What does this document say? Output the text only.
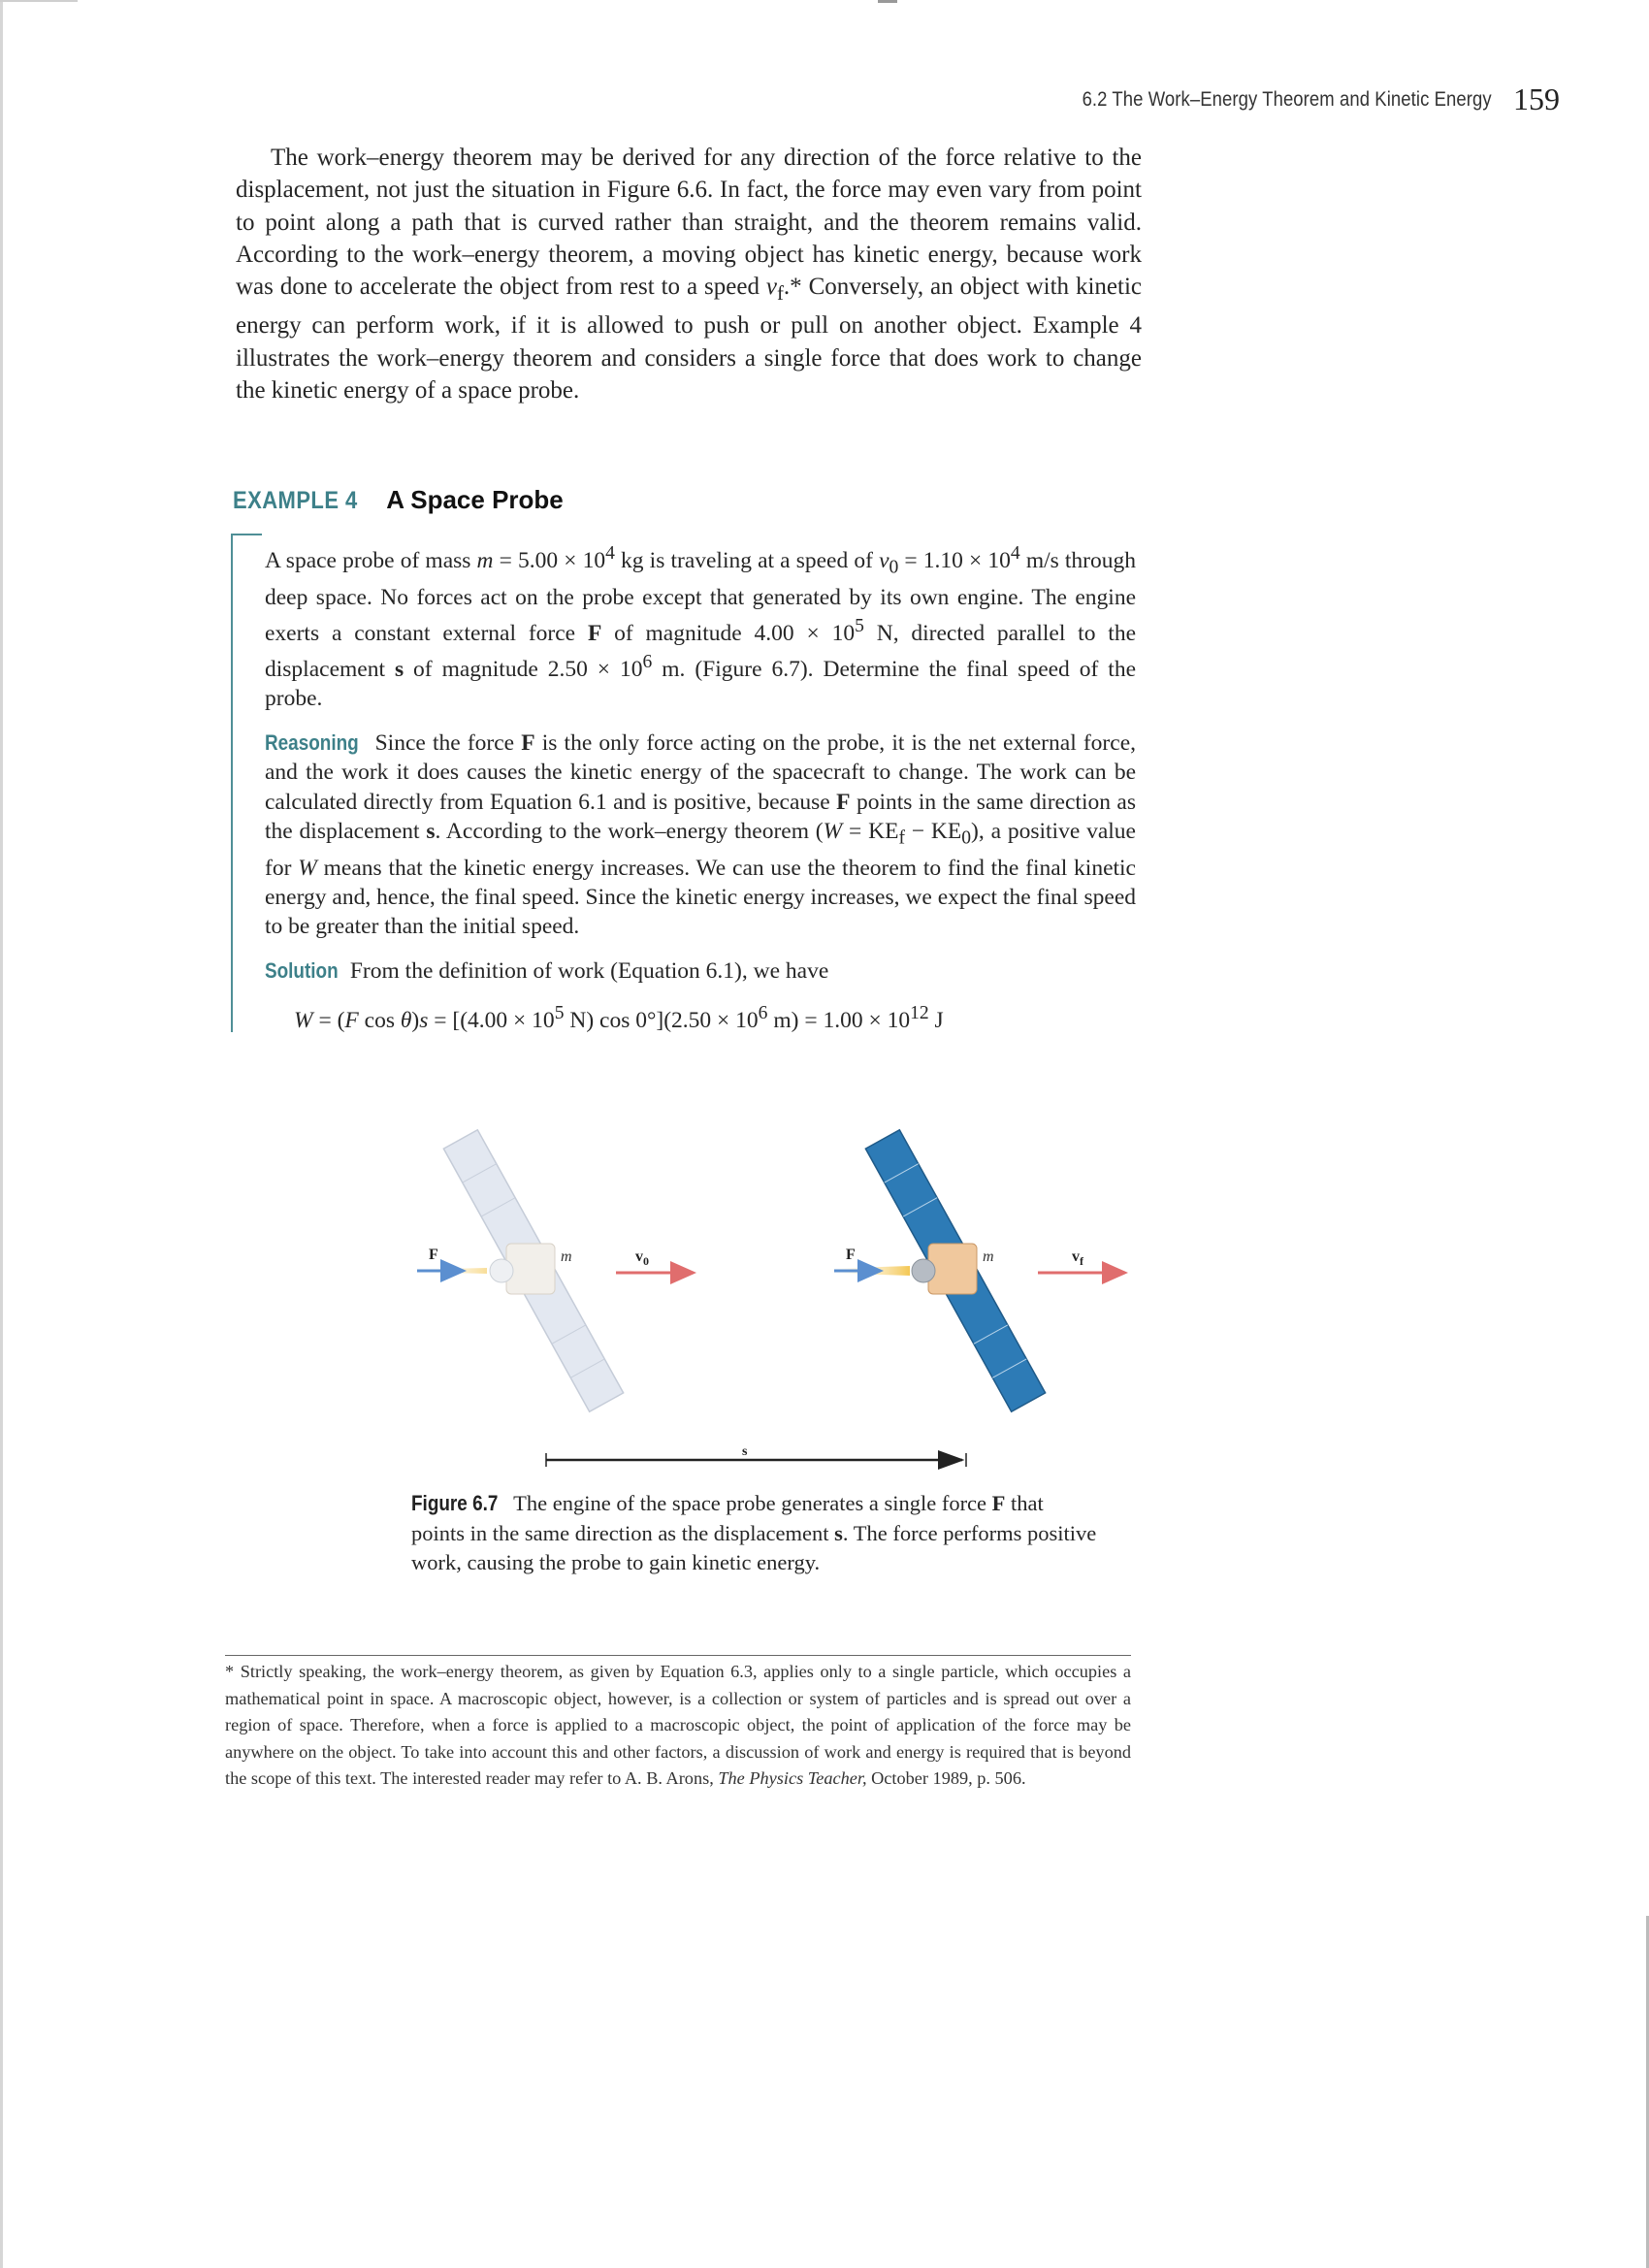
6.2 The Work–Energy Theorem and Kinetic Energy 159

The work–energy theorem may be derived for any direction of the force relative to the displacement, not just the situation in Figure 6.6. In fact, the force may even vary from point to point along a path that is curved rather than straight, and the theorem remains valid. According to the work–energy theorem, a moving object has kinetic energy, because work was done to accelerate the object from rest to a speed $v_f.*$ Conversely, an object with kinetic energy can perform work, if it is allowed to push or pull on another object. Example 4 illustrates the work–energy theorem and considers a single force that does work to change the kinetic energy of a space probe.

EXAMPLE 4 A Space Probe

A space probe of mass $m = 5.00 \times 10^4$ kg is traveling at a speed of $v_0 = 1.10 \times 10^4$ m/s through deep space. No forces act on the probe except that generated by its own engine. The engine exerts a constant external force F of magnitude $4.00 \times 10^5$ N, directed parallel to the displacement s of magnitude $2.50 \times 10^6$ m. (Figure 6.7). Determine the final speed of the probe.

Reasoning Since the force F is the only force acting on the probe, it is the net external force, and the work it does causes the kinetic energy of the spacecraft to change. The work can be calculated directly from Equation 6.1 and is positive, because F points in the same direction as the displacement s. According to the work–energy theorem $(W = KE_f - KE_0)$, a positive value for W means that the kinetic energy increases. We can use the theorem to find the final kinetic energy and, hence, the final speed. Since the kinetic energy increases, we expect the final speed to be greater than the initial speed.

Solution From the definition of work (Equation 6.1), we have

W = (F $\cos \theta)s = [(4.00 \times 10^5$ N) $\cos 0^\circ](2.50 \times 10^6$ $m) = 1.00 \times 10^{12}$ J
F	m	$v_0$	F	m	$v_f$
s
Figure 6.7 The engine of the space probe generates a single force F that points in the same direction as the displacement s. The force performs positive work, causing the probe to gain kinetic energy.

* Strictly speaking, the work–energy theorem, as given by Equation 6.3, applies only to a single particle, which occupies a mathematical point in space. A macroscopic object, however, is a collection or system of particles and is spread out over a region of space. Therefore, when a force is applied to a macroscopic object, the point of application of the force may be anywhere on the object. To take into account this and other factors, a discussion of work and energy is required that is beyond the scope of this text. The interested reader may refer to A. B. Arons, The Physics Teacher, October 1989, p. 506.
